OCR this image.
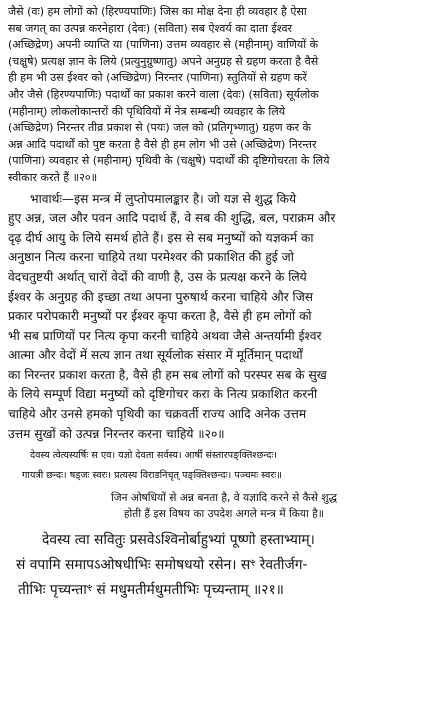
जैसे (वः) हम लोगों को (हिरण्यपाणिः) जिस का मोक्ष देना ही व्यवहार है ऐसा
सब जगत् का उत्पन्न करनेहारा (देवः) (सविता) सब ऐश्वर्य का दाता ईश्वर
(अच्छिद्रेण) अपनी व्याप्ति या (पाणिना) उत्तम व्यवहार से (महीनाम्) वाणियों के
(चक्षुषे) प्रत्यक्ष ज्ञान के लिये (प्रत्युनुग्रुष्णातु) अपने अनुग्रह से ग्रहण करता है वैसे
ही हम भी उस ईश्वर को (अच्छिद्रेण) निरन्तर (पाणिना) स्तुतियों से ग्रहण करें
और जैसे (हिरण्यपाणिः) पदार्थों का प्रकाश करने वाला (देवः) (सविता) सूर्यलोक
(महीनाम्) लोकलोकान्तरों की पृथिवियों में नेत्र सम्बन्धी व्यवहार के लिये
(अच्छिद्रेण) निरन्तर तीव्र प्रकाश से (पयः) जल को (प्रतिगृभ्णातु) ग्रहण कर के
अन्न आदि पदार्थों को पुष्ट करता है वैसे ही हम लोग भी उसे (अच्छिद्रेण) निरन्तर
(पाणिना) व्यवहार से (महीनाम्) पृथिवी के (चक्षुषे) पदार्थों की दृष्टिगोचरता के लिये
स्वीकार करते हैं ॥२०॥
भावार्थः—इस मन्त्र में लुप्तोपमालङ्कार है। जो यज्ञ से शुद्ध किये
हुए अन्न, जल और पवन आदि पदार्थ हैं, वे सब की शुद्धि, बल, पराक्रम और
दृढ़ दीर्घ आयु के लिये समर्थ होते हैं। इस से सब मनुष्यों को यज्ञकर्म का
अनुष्ठान नित्य करना चाहिये तथा परमेश्वर की प्रकाशित की हुई जो
वेदचतुष्टयी अर्थात् चारों वेदों की वाणी है, उस के प्रत्यक्ष करने के लिये
ईश्वर के अनुग्रह की इच्छा तथा अपना पुरुषार्थ करना चाहिये और जिस
प्रकार परोपकारी मनुष्यों पर ईश्वर कृपा करता है, वैसे ही हम लोगों को
भी सब प्राणियों पर नित्य कृपा करनी चाहिये अथवा जैसे अन्तर्यामी ईश्वर
आत्मा और वेदों में सत्य ज्ञान तथा सूर्यलोक संसार में मूर्तिमान् पदार्थों
का निरन्तर प्रकाश करता है, वैसे ही हम सब लोगों को परस्पर सब के सुख
के लिये सम्पूर्ण विद्या मनुष्यों को दृष्टिगोचर करा के नित्य प्रकाशित करनी
चाहिये और उनसे हमको पृथिवी का चक्रवर्ती राज्य आदि अनेक उत्तम
उत्तम सुखों को उत्पन्न निरन्तर करना चाहिये ॥२०॥
देवस्य त्वेत्यस्यर्षिः स एव। यज्ञो देवता सर्वस्य। आर्षी संस्तारपङ्क्तिश्छन्दः।
गायत्री छन्दः। षड्जः स्वरः। प्रत्यस्य विराडनिचृत् पङ्क्तिश्छन्दः। पञ्चमः स्वरः॥
जिन ओषधियों से अन्न बनता है, वे यज्ञादि करने से कैसे शुद्ध
होती हैं इस विषय का उपदेश अगले मन्त्र में किया है॥
देवस्य त्वा सवितुः प्रसवेऽश्विनोर्बाहुभ्यां पूष्णो हस्ताभ्याम्।
सं वपामि समापऽओषधीभिः समोषधयो रसेन। सꣳ रेवतीर्जग-
तीभिः पृच्यन्ताꣳ सं मधुमतीर्मधुमतीभिः पृच्यन्ताम् ॥२१॥
